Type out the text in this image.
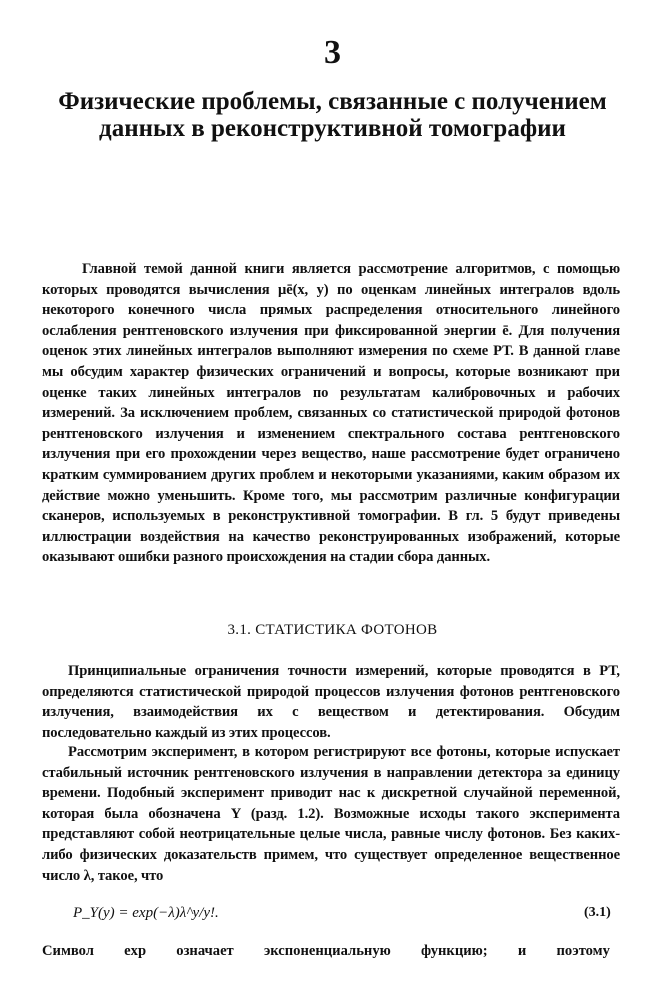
3
Физические проблемы, связанные с получением
данных в реконструктивной томографии

Главной темой данной книги является рассмотрение алгоритмов, с помощью которых проводятся вычисления μē(x, y) по оценкам линейных интегралов вдоль некоторого конечного числа прямых распределения относительного линейного ослабления рентгеновского излучения при фиксированной энергии ē. Для получения оценок этих линейных интегралов выполняют измерения по схеме РТ. В данной главе мы обсудим характер физических ограничений и вопросы, которые возникают при оценке таких линейных интегралов по результатам калибровочных и рабочих измерений. За исключением проблем, связанных со статистической природой фотонов рентгеновского излучения и изменением спектрального состава рентгеновского излучения при его прохождении через вещество, наше рассмотрение будет ограничено кратким суммированием других проблем и некоторыми указаниями, каким образом их действие можно уменьшить. Кроме того, мы рассмотрим различные конфигурации сканеров, используемых в реконструктивной томографии. В гл. 5 будут приведены иллюстрации воздействия на качество реконструированных изображений, которые оказывают ошибки разного происхождения на стадии сбора данных.

3.1. СТАТИСТИКА ФОТОНОВ

Принципиальные ограничения точности измерений, которые проводятся в РТ, определяются статистической природой процессов излучения фотонов рентгеновского излучения, взаимодействия их с веществом и детектирования. Обсудим последовательно каждый из этих процессов.

Рассмотрим эксперимент, в котором регистрируют все фотоны, которые испускает стабильный источник рентгеновского излучения в направлении детектора за единицу времени. Подобный эксперимент приводит нас к дискретной случайной переменной, которая была обозначена Y (разд. 1.2). Возможные исходы такого эксперимента представляют собой неотрицательные целые числа, равные числу фотонов. Без каких-либо физических доказательств примем, что существует определенное вещественное число λ, такое, что

P_Y(y) = exp(−λ)λ^y/y!.	(3.1)
Символ exp означает экспоненциальную функцию; и поэтому
